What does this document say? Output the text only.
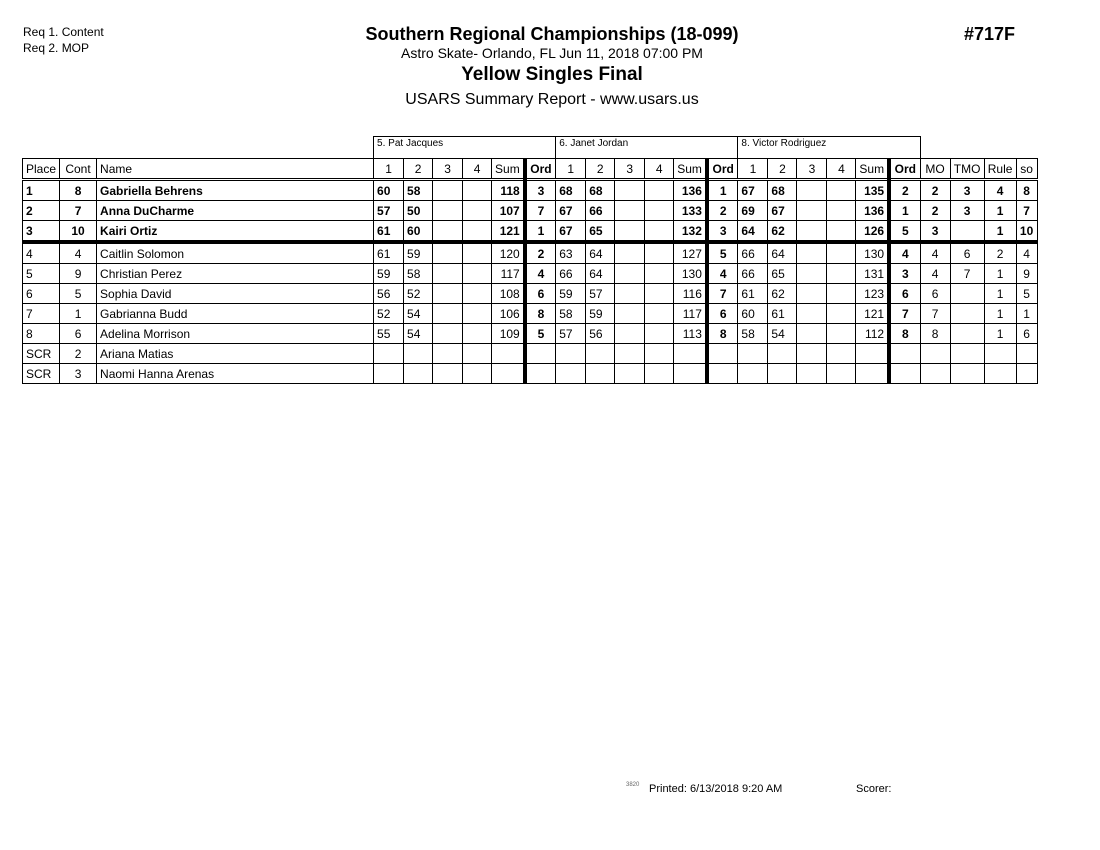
Req 1. Content
Req 2. MOP
Southern Regional Championships (18-099)
Astro Skate- Orlando, FL Jun 11, 2018 07:00 PM
Yellow Singles Final
USARS Summary Report - www.usars.us
#717F
			5. Pat Jacques						6. Janet Jordan						8. Victor Rodriguez									
Place	Cont	Name	1	2	3	4	Sum	Ord	1	2	3	4	Sum	Ord	1	2	3	4	Sum	Ord	MO	TMO	Rule	so
1	8	Gabriella Behrens	60	58			118	3	68	68			136	1	67	68			135	2	2	3	4	8
2	7	Anna DuCharme	57	50			107	7	67	66			133	2	69	67			136	1	2	3	1	7
3	10	Kairi Ortiz	61	60			121	1	67	65			132	3	64	62			126	5	3		1	10
4	4	Caitlin Solomon	61	59			120	2	63	64			127	5	66	64			130	4	4	6	2	4
5	9	Christian Perez	59	58			117	4	66	64			130	4	66	65			131	3	4	7	1	9
6	5	Sophia David	56	52			108	6	59	57			116	7	61	62			123	6	6		1	5
7	1	Gabrianna Budd	52	54			106	8	58	59			117	6	60	61			121	7	7		1	1
8	6	Adelina Morrison	55	54			109	5	57	56			113	8	58	54			112	8	8		1	6
SCR	2	Ariana Matias																						
SCR	3	Naomi Hanna Arenas																						
3820 Printed: 6/13/2018 9:20 AM	Scorer:
